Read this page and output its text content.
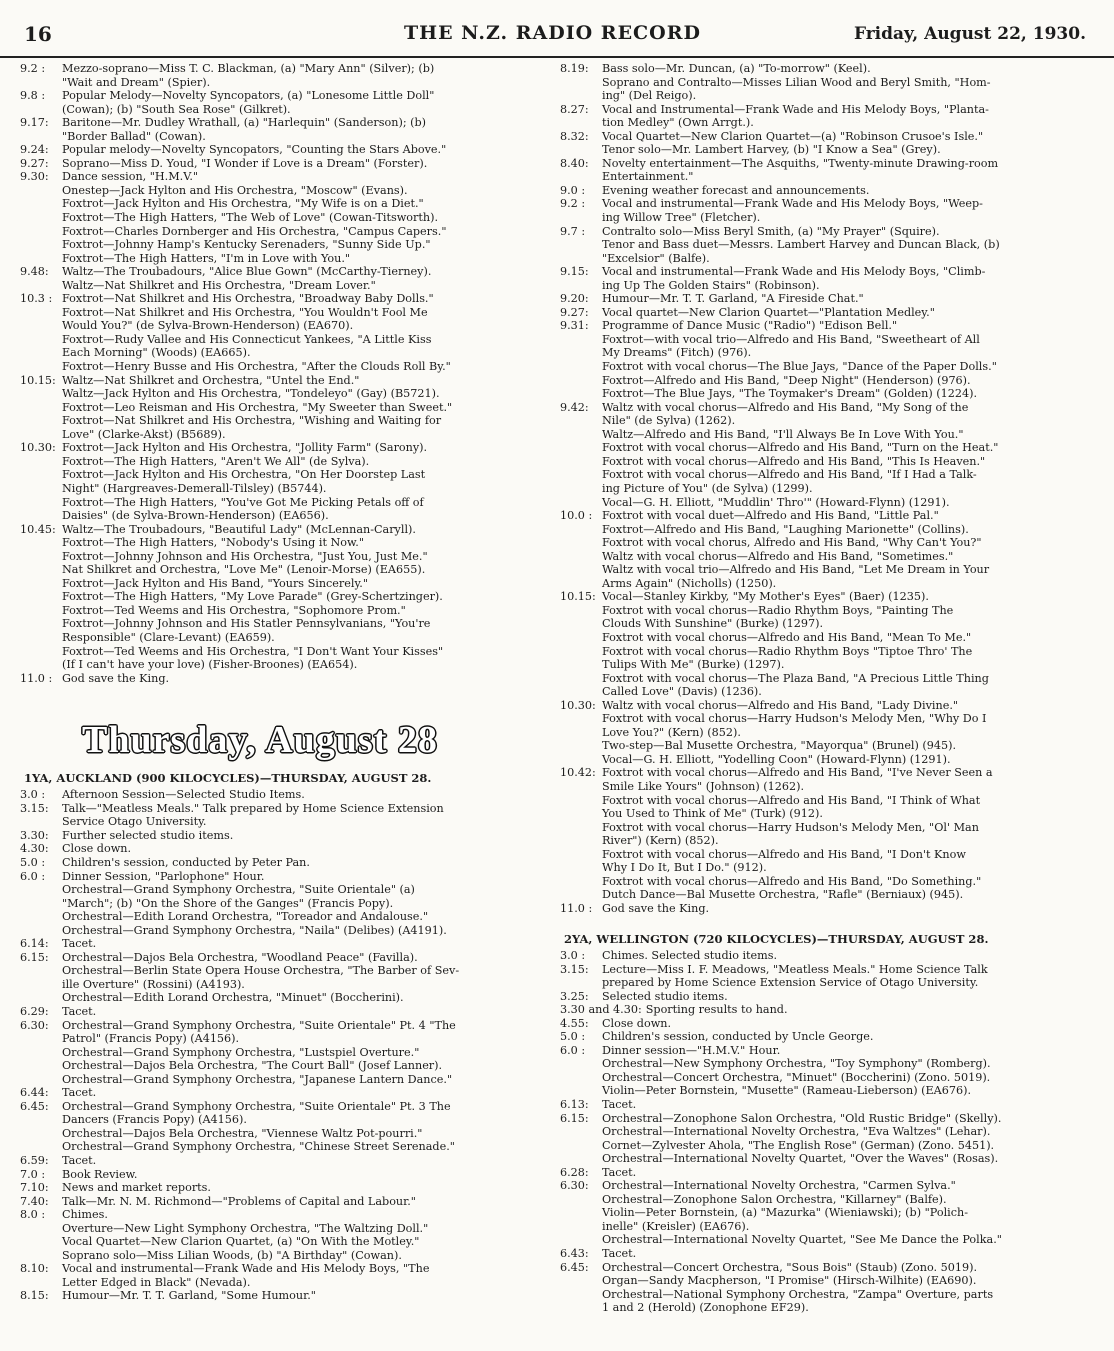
16	THE N.Z. RADIO RECORD	Friday, August 22, 1930.
9.2 : Mezzo-soprano—Miss T. C. Blackman, (a) "Mary Ann" (Silver); (b)
"Wait and Dream" (Spier).
9.8 : Popular Melody—Novelty Syncopators, (a) "Lonesome Little Doll"
(Cowan); (b) "South Sea Rose" (Gilkret).
9.17: Baritone—Mr. Dudley Wrathall, (a) "Harlequin" (Sanderson); (b)
"Border Ballad" (Cowan).
9.24: Popular melody—Novelty Syncopators, "Counting the Stars Above."
9.27: Soprano—Miss D. Youd, "I Wonder if Love is a Dream" (Forster).
9.30: Dance session, "H.M.V."
Onestep—Jack Hylton and His Orchestra, "Moscow" (Evans).
Foxtrot—Jack Hylton and His Orchestra, "My Wife is on a Diet."
Foxtrot—The High Hatters, "The Web of Love" (Cowan-Titsworth).
Foxtrot—Charles Dornberger and His Orchestra, "Campus Capers."
Foxtrot—Johnny Hamp's Kentucky Serenaders, "Sunny Side Up."
Foxtrot—The High Hatters, "I'm in Love with You."
9.48: Waltz—The Troubadours, "Alice Blue Gown" (McCarthy-Tierney).
Waltz—Nat Shilkret and His Orchestra, "Dream Lover."
10.3 : Foxtrot—Nat Shilkret and His Orchestra, "Broadway Baby Dolls."
Foxtrot—Nat Shilkret and His Orchestra, "You Wouldn't Fool Me
Would You?" (de Sylva-Brown-Henderson) (EA670).
Foxtrot—Rudy Vallee and His Connecticut Yankees, "A Little Kiss
Each Morning" (Woods) (EA665).
Foxtrot—Henry Busse and His Orchestra, "After the Clouds Roll By."
10.15: Waltz—Nat Shilkret and Orchestra, "Untel the End."
Waltz—Jack Hylton and His Orchestra, "Tondeleyo" (Gay) (B5721).
Foxtrot—Leo Reisman and His Orchestra, "My Sweeter than Sweet."
Foxtrot—Nat Shilkret and His Orchestra, "Wishing and Waiting for
Love" (Clarke-Akst) (B5689).
10.30: Foxtrot—Jack Hylton and His Orchestra, "Jollity Farm" (Sarony).
Foxtrot—The High Hatters, "Aren't We All" (de Sylva).
Foxtrot—Jack Hylton and His Orchestra, "On Her Doorstep Last
Night" (Hargreaves-Demerall-Tilsley) (B5744).
Foxtrot—The High Hatters, "You've Got Me Picking Petals off of
Daisies" (de Sylva-Brown-Henderson) (EA656).
10.45: Waltz—The Troubadours, "Beautiful Lady" (McLennan-Caryll).
Foxtrot—The High Hatters, "Nobody's Using it Now."
Foxtrot—Johnny Johnson and His Orchestra, "Just You, Just Me."
Nat Shilkret and Orchestra, "Love Me" (Lenoir-Morse) (EA655).
Foxtrot—Jack Hylton and His Band, "Yours Sincerely."
Foxtrot—The High Hatters, "My Love Parade" (Grey-Schertzinger).
Foxtrot—Ted Weems and His Orchestra, "Sophomore Prom."
Foxtrot—Johnny Johnson and His Statler Pennsylvanians, "You're
Responsible" (Clare-Levant) (EA659).
Foxtrot—Ted Weems and His Orchestra, "I Don't Want Your Kisses"
(If I can't have your love) (Fisher-Broones) (EA654).
11.0 : God save the King.
Thursday, August 28
1YA, AUCKLAND (900 KILOCYCLES)—THURSDAY, AUGUST 28.
3.0 : Afternoon Session—Selected Studio Items.
3.15: Talk—"Meatless Meals." Talk prepared by Home Science Extension
Service Otago University.
3.30: Further selected studio items.
4.30: Close down.
5.0 : Children's session, conducted by Peter Pan.
6.0 : Dinner Session, "Parlophone" Hour.
Orchestral—Grand Symphony Orchestra, "Suite Orientale" (a)
"March"; (b) "On the Shore of the Ganges" (Francis Popy).
Orchestral—Edith Lorand Orchestra, "Toreador and Andalouse."
Orchestral—Grand Symphony Orchestra, "Naila" (Delibes) (A4191).
6.14: Tacet.
6.15: Orchestral—Dajos Bela Orchestra, "Woodland Peace" (Favilla).
Orchestral—Berlin State Opera House Orchestra, "The Barber of Sev-
ille Overture" (Rossini) (A4193).
Orchestral—Edith Lorand Orchestra, "Minuet" (Boccherini).
6.29: Tacet.
6.30: Orchestral—Grand Symphony Orchestra, "Suite Orientale" Pt. 4 "The
Patrol" (Francis Popy) (A4156).
Orchestral—Grand Symphony Orchestra, "Lustspiel Overture."
Orchestral—Dajos Bela Orchestra, "The Court Ball" (Josef Lanner).
Orchestral—Grand Symphony Orchestra, "Japanese Lantern Dance."
6.44: Tacet.
6.45: Orchestral—Grand Symphony Orchestra, "Suite Orientale" Pt. 3 The
Dancers (Francis Popy) (A4156).
Orchestral—Dajos Bela Orchestra, "Viennese Waltz Pot-pourri."
Orchestral—Grand Symphony Orchestra, "Chinese Street Serenade."
6.59: Tacet.
7.0 : Book Review.
7.10: News and market reports.
7.40: Talk—Mr. N. M. Richmond—"Problems of Capital and Labour."
8.0 : Chimes.
Overture—New Light Symphony Orchestra, "The Waltzing Doll."
Vocal Quartet—New Clarion Quartet, (a) "On With the Motley."
Soprano solo—Miss Lilian Woods, (b) "A Birthday" (Cowan).
8.10: Vocal and instrumental—Frank Wade and His Melody Boys, "The
Letter Edged in Black" (Nevada).
8.15: Humour—Mr. T. T. Garland, "Some Humour."
8.19: Bass solo—Mr. Duncan, (a) "To-morrow" (Keel).
Soprano and Contralto—Misses Lilian Wood and Beryl Smith, "Hom-
ing" (Del Reigo).
8.27: Vocal and Instrumental—Frank Wade and His Melody Boys, "Planta-
tion Medley" (Own Arrgt.).
8.32: Vocal Quartet—New Clarion Quartet—(a) "Robinson Crusoe's Isle."
Tenor solo—Mr. Lambert Harvey, (b) "I Know a Sea" (Grey).
8.40: Novelty entertainment—The Asquiths, "Twenty-minute Drawing-room
Entertainment."
9.0 : Evening weather forecast and announcements.
9.2 : Vocal and instrumental—Frank Wade and His Melody Boys, "Weep-
ing Willow Tree" (Fletcher).
9.7 : Contralto solo—Miss Beryl Smith, (a) "My Prayer" (Squire).
Tenor and Bass duet—Messrs. Lambert Harvey and Duncan Black, (b)
"Excelsior" (Balfe).
9.15: Vocal and instrumental—Frank Wade and His Melody Boys, "Climb-
ing Up The Golden Stairs" (Robinson).
9.20: Humour—Mr. T. T. Garland, "A Fireside Chat."
9.27: Vocal quartet—New Clarion Quartet—"Plantation Medley."
9.31: Programme of Dance Music ("Radio") "Edison Bell."
Foxtrot—with vocal trio—Alfredo and His Band, "Sweetheart of All
My Dreams" (Fitch) (976).
Foxtrot with vocal chorus—The Blue Jays, "Dance of the Paper Dolls."
Foxtrot—Alfredo and His Band, "Deep Night" (Henderson) (976).
Foxtrot—The Blue Jays, "The Toymaker's Dream" (Golden) (1224).
9.42: Waltz with vocal chorus—Alfredo and His Band, "My Song of the
Nile" (de Sylva) (1262).
Waltz—Alfredo and His Band, "I'll Always Be In Love With You."
Foxtrot with vocal chorus—Alfredo and His Band, "Turn on the Heat."
Foxtrot with vocal chorus—Alfredo and His Band, "This Is Heaven."
Foxtrot with vocal chorus—Alfredo and His Band, "If I Had a Talk-
ing Picture of You" (de Sylva) (1299).
Vocal—G. H. Elliott, "Muddlin' Thro'" (Howard-Flynn) (1291).
10.0 : Foxtrot with vocal duet—Alfredo and His Band, "Little Pal."
Foxtrot—Alfredo and His Band, "Laughing Marionette" (Collins).
Foxtrot with vocal chorus, Alfredo and His Band, "Why Can't You?"
Waltz with vocal chorus—Alfredo and His Band, "Sometimes."
Waltz with vocal trio—Alfredo and His Band, "Let Me Dream in Your
Arms Again" (Nicholls) (1250).
10.15: Vocal—Stanley Kirkby, "My Mother's Eyes" (Baer) (1235).
Foxtrot with vocal chorus—Radio Rhythm Boys, "Painting The
Clouds With Sunshine" (Burke) (1297).
Foxtrot with vocal chorus—Alfredo and His Band, "Mean To Me."
Foxtrot with vocal chorus—Radio Rhythm Boys "Tiptoe Thro' The
Tulips With Me" (Burke) (1297).
Foxtrot with vocal chorus—The Plaza Band, "A Precious Little Thing
Called Love" (Davis) (1236).
10.30: Waltz with vocal chorus—Alfredo and His Band, "Lady Divine."
Foxtrot with vocal chorus—Harry Hudson's Melody Men, "Why Do I
Love You?" (Kern) (852).
Two-step—Bal Musette Orchestra, "Mayorqua" (Brunel) (945).
Vocal—G. H. Elliott, "Yodelling Coon" (Howard-Flynn) (1291).
10.42: Foxtrot with vocal chorus—Alfredo and His Band, "I've Never Seen a
Smile Like Yours" (Johnson) (1262).
Foxtrot with vocal chorus—Alfredo and His Band, "I Think of What
You Used to Think of Me" (Turk) (912).
Foxtrot with vocal chorus—Harry Hudson's Melody Men, "Ol' Man
River") (Kern) (852).
Foxtrot with vocal chorus—Alfredo and His Band, "I Don't Know
Why I Do It, But I Do." (912).
Foxtrot with vocal chorus—Alfredo and His Band, "Do Something."
Dutch Dance—Bal Musette Orchestra, "Rafle" (Berniaux) (945).
11.0 : God save the King.
2YA, WELLINGTON (720 KILOCYCLES)—THURSDAY, AUGUST 28.
3.0 : Chimes. Selected studio items.
3.15: Lecture—Miss I. F. Meadows, "Meatless Meals." Home Science Talk
prepared by Home Science Extension Service of Otago University.
3.25: Selected studio items.
3.30 and 4.30: Sporting results to hand.
4.55: Close down.
5.0 : Children's session, conducted by Uncle George.
6.0 : Dinner session—"H.M.V." Hour.
Orchestral—New Symphony Orchestra, "Toy Symphony" (Romberg).
Orchestral—Concert Orchestra, "Minuet" (Boccherini) (Zono. 5019).
Violin—Peter Bornstein, "Musette" (Rameau-Lieberson) (EA676).
6.13: Tacet.
6.15: Orchestral—Zonophone Salon Orchestra, "Old Rustic Bridge" (Skelly).
Orchestral—International Novelty Orchestra, "Eva Waltzes" (Lehar).
Cornet—Zylvester Ahola, "The English Rose" (German) (Zono. 5451).
Orchestral—International Novelty Quartet, "Over the Waves" (Rosas).
6.28: Tacet.
6.30: Orchestral—International Novelty Orchestra, "Carmen Sylva."
Orchestral—Zonophone Salon Orchestra, "Killarney" (Balfe).
Violin—Peter Bornstein, (a) "Mazurka" (Wieniawski); (b) "Polich-
inelle" (Kreisler) (EA676).
Orchestral—International Novelty Quartet, "See Me Dance the Polka."
6.43: Tacet.
6.45: Orchestral—Concert Orchestra, "Sous Bois" (Staub) (Zono. 5019).
Organ—Sandy Macpherson, "I Promise" (Hirsch-Wilhite) (EA690).
Orchestral—National Symphony Orchestra, "Zampa" Overture, parts
1 and 2 (Herold) (Zonophone EF29).
